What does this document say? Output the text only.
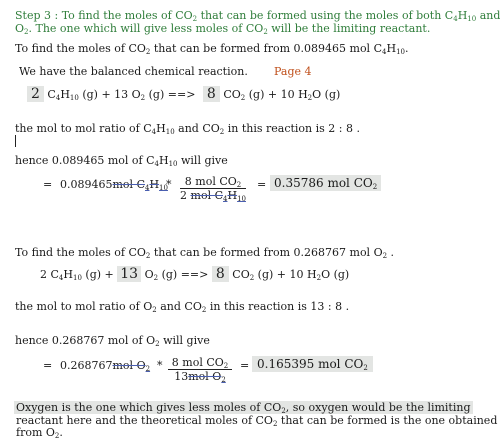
Step 3 : To find the moles of $CO_2$ that can be formed using the moles of both $C_4H_{10}$ and
$O_2$. The one which will give less moles of $CO_2$ will be the limiting reactant.
To find the moles of $CO_2$ that can be formed from 0.089465 mol $C_4H_{10}$.
We have the balanced chemical reaction. Page 4
2 $C_4H_{10}$ (g) + 13 $O_2$ (g) ==> 8 $CO_2$ (g) + 10 $H_2O$ (g)
the mol to mol ratio of $C_4H_{10}$ and $CO_2$ in this reaction is 2 : 8 .
hence 0.089465 mol of $C_4H_{10}$ will give
= 0.089465mol $C_4H_{10}$
*	8 mol $CO_2$
2 mol $C_4H_{10}$
= 0.35786 mol $CO_2$
To find the moles of $CO_2$ that can be formed from 0.268767 mol $O_2$ .
2 $C_4H_{10}$ (g) + 13 $O_2$ (g) ==> 8 $CO_2$ (g) + 10 $H_2O$ (g)
the mol to mol ratio of $O_2$ and $CO_2$ in this reaction is 13 : 8 .
hence 0.268767 mol of $O_2$ will give
= 0.268767mol $O_2 * 8$ mol $CO_2$
13mol $O_2$
= 0.165395 mol $CO_2$
Oxygen is the one which gives less moles of $CO_2$, so oxygen would be the limiting
reactant here and the theoretical moles of $CO_2$ that can be formed is the one obtained
from $O_2$.
